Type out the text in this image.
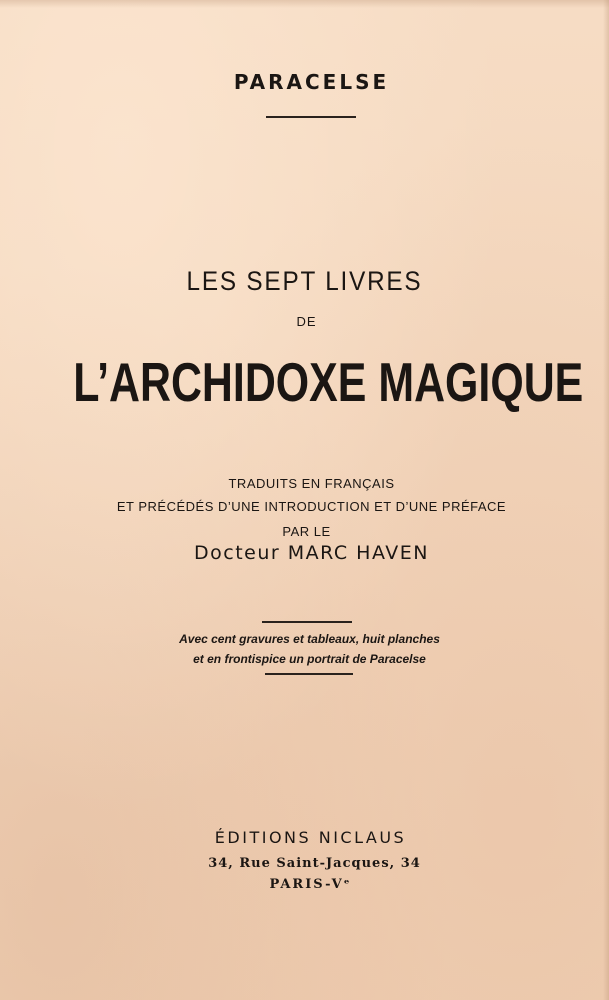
PARACELSE
LES SEPT LIVRES
DE
L’ARCHIDOXE MAGIQUE
TRADUITS EN FRANÇAIS
ET PRÉCÉDÉS D’UNE INTRODUCTION ET D’UNE PRÉFACE
PAR LE
Docteur MARC HAVEN
Avec cent gravures et tableaux, huit planches
et en frontispice un portrait de Paracelse
ÉDITIONS NICLAUS
34, Rue Saint-Jacques, 34
PARIS-Vᵉ
